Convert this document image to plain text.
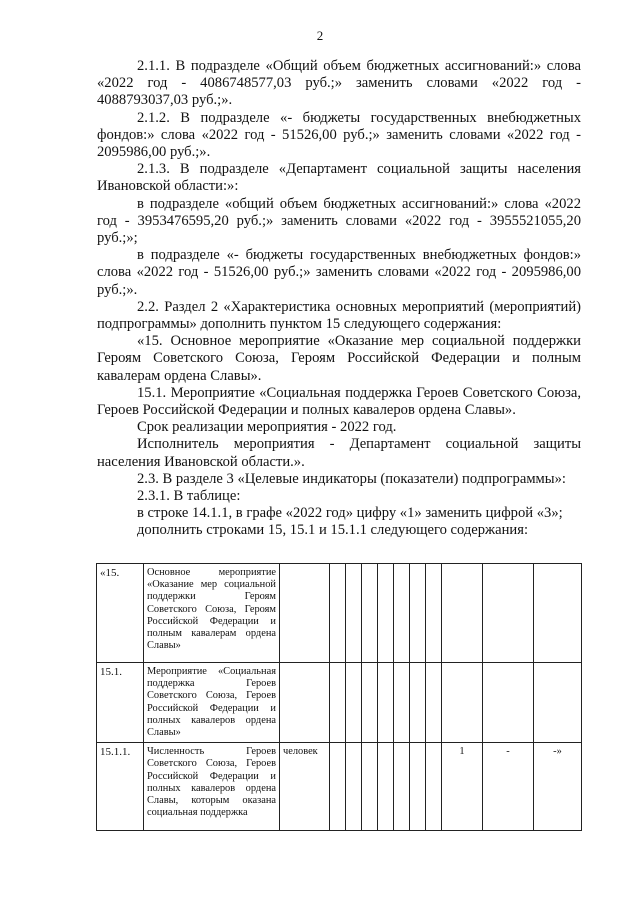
2

2.1.1. В подразделе «Общий объем бюджетных ассигнований:» слова «2022 год - 4086748577,03 руб.;» заменить словами «2022 год - 4088793037,03 руб.;».

2.1.2. В подразделе «- бюджеты государственных внебюджетных фондов:» слова «2022 год - 51526,00 руб.;» заменить словами «2022 год - 2095986,00 руб.;».

2.1.3. В подразделе «Департамент социальной защиты населения Ивановской области:»:

в подразделе «общий объем бюджетных ассигнований:» слова «2022 год - 3953476595,20 руб.;» заменить словами «2022 год - 3955521055,20 руб.;»;

в подразделе «- бюджеты государственных внебюджетных фондов:» слова «2022 год - 51526,00 руб.;» заменить словами «2022 год - 2095986,00 руб.;».

2.2. Раздел 2 «Характеристика основных мероприятий (мероприятий) подпрограммы» дополнить пунктом 15 следующего содержания:

«15. Основное мероприятие «Оказание мер социальной поддержки Героям Советского Союза, Героям Российской Федерации и полным кавалерам ордена Славы».

15.1. Мероприятие «Социальная поддержка Героев Советского Союза, Героев Российской Федерации и полных кавалеров ордена Славы».

Срок реализации мероприятия - 2022 год.

Исполнитель мероприятия - Департамент социальной защиты населения Ивановской области.».

2.3. В разделе 3 «Целевые индикаторы (показатели) подпрограммы»:

2.3.1. В таблице:

в строке 14.1.1, в графе «2022 год» цифру «1» заменить цифрой «3»;

дополнить строками 15, 15.1 и 15.1.1 следующего содержания:

«15.	Основное мероприятие «Оказание мер социальной поддержки Героям Советского Союза, Героям Российской Федерации и полным кавалерам ордена Славы»											
15.1.	Мероприятие «Социальная поддержка Героев Советского Союза, Героев Российской Федерации и полных кавалеров ордена Славы»											
15.1.1.	Численность Героев Советского Союза, Героев Российской Федерации и полных кавалеров ордена Славы, которым оказана социальная поддержка	человек								1	-	-»
